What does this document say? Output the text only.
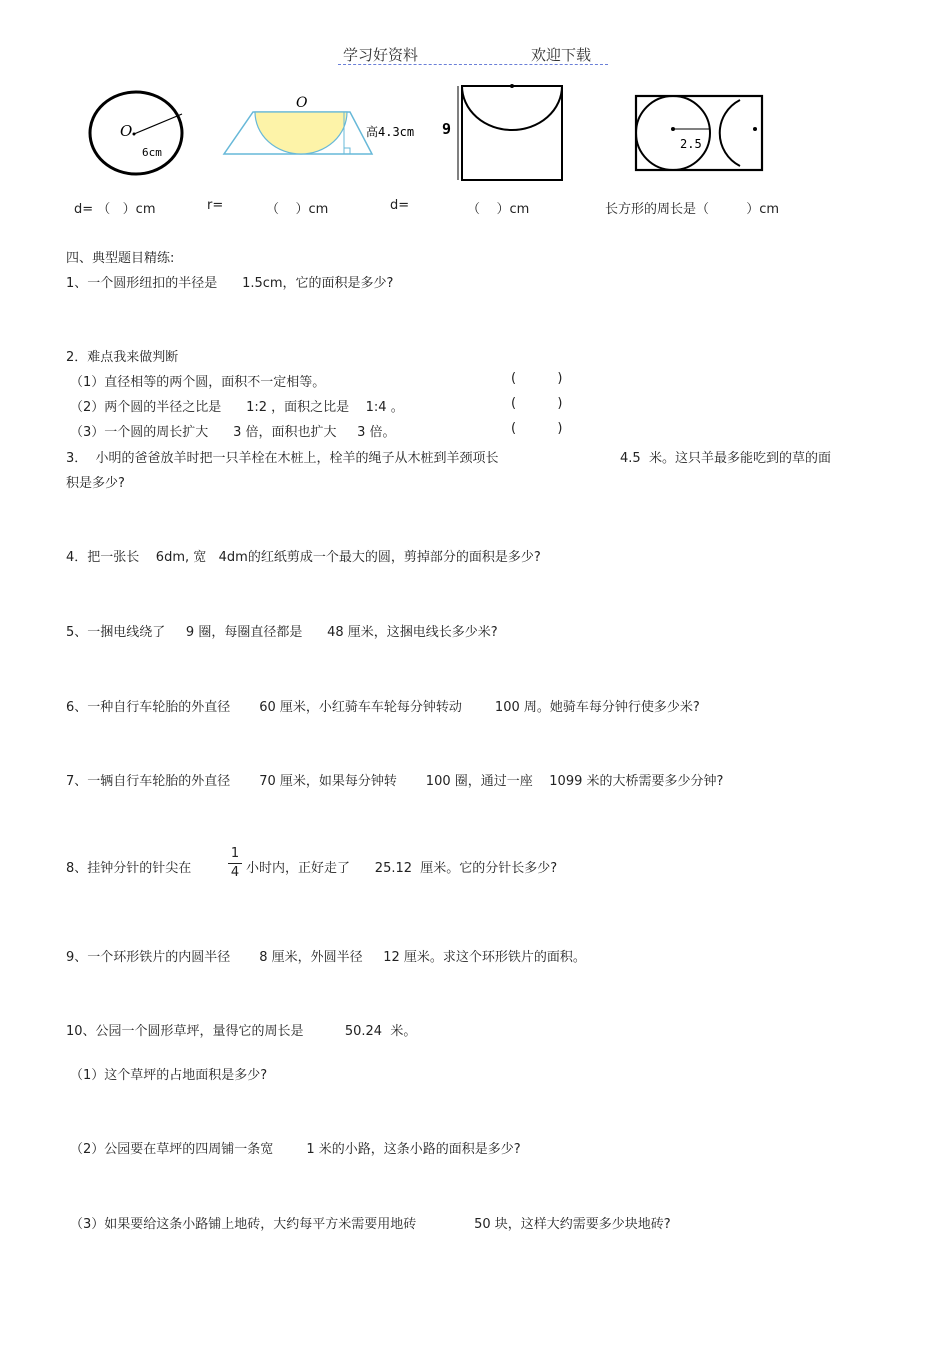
学习好资料	欢迎下载
O
6cm
O
高4.3cm 9
2.5
d= （   ）cm	r=	（    ）cm	d=	（    ）cm	长方形的周长是（         ）cm
四、典型题目精练:
1、一个圆形纽扣的半径是      1.5cm，它的面积是多少?
2．难点我来做判断
（1）直径相等的两个圆，面积不一定相等。	(          )
（2）两个圆的半径之比是      1:2 ，面积之比是    1:4 。	(          )
（3）一个圆的周长扩大      3 倍，面积也扩大     3 倍。	(          )
3．  小明的爸爸放羊时把一只羊栓在木桩上，栓羊的绳子从木桩到羊颈项长	4.5  米。这只羊最多能吃到的草的面
积是多少?
4．把一张长    6dm, 宽   4dm的红纸剪成一个最大的圆，剪掉部分的面积是多少?
5、一捆电线绕了     9 圈，每圈直径都是      48 厘米，这捆电线长多少米?
6、一种自行车轮胎的外直径       60 厘米，小红骑车车轮每分钟转动        100 周。她骑车每分钟行使多少米?
7、一辆自行车轮胎的外直径       70 厘米，如果每分钟转       100 圈，通过一座    1099 米的大桥需要多少分钟?
8、挂钟分针的针尖在
1
4 小时内，正好走了      25.12  厘米。它的分针长多少?
9、一个环形铁片的内圆半径       8 厘米，外圆半径     12 厘米。求这个环形铁片的面积。
10、公园一个圆形草坪，量得它的周长是          50.24  米。
（1）这个草坪的占地面积是多少?
（2）公园要在草坪的四周铺一条宽        1 米的小路，这条小路的面积是多少?
（3）如果要给这条小路铺上地砖，大约每平方米需要用地砖              50 块，这样大约需要多少块地砖?
